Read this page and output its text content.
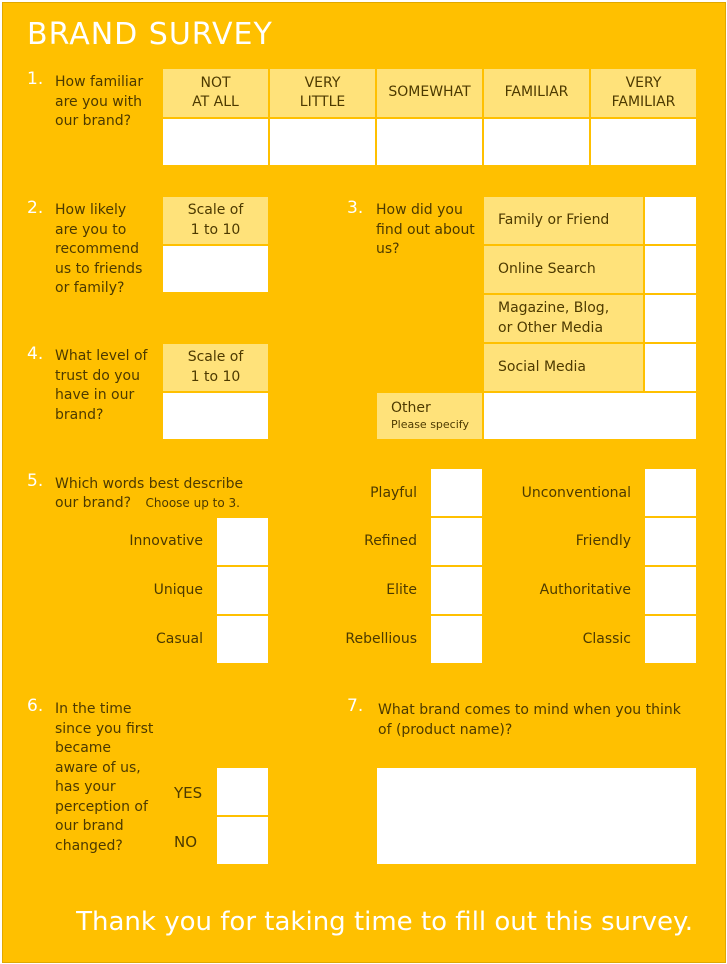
BRAND SURVEY
1. How familiar
are you with
our brand?
NOT
AT ALL
VERY
LITTLE
SOMEWHAT	FAMILIAR
VERY
FAMILIAR
2. How likely
are you to
recommend
us to friends
or family?
Scale of
1 to 10
3. How did you
find out about
us?
Family or Friend
Online Search
Magazine, Blog,
or Other Media
Social Media
Other
Please specify
4. What level of
trust do you
have in our
brand?
Scale of
1 to 10
5. Which words best describe
our brand? Choose up to 3.
Innovative
Unique
Casual
Playful
Refined
Elite
Rebellious
Unconventional
Friendly
Authoritative
Classic
6. In the time
since you first
became
aware of us,
has your
perception of
our brand
changed?
YES
NO
7. What brand comes to mind when you think
of (product name)?
Thank you for taking time to fill out this survey.
